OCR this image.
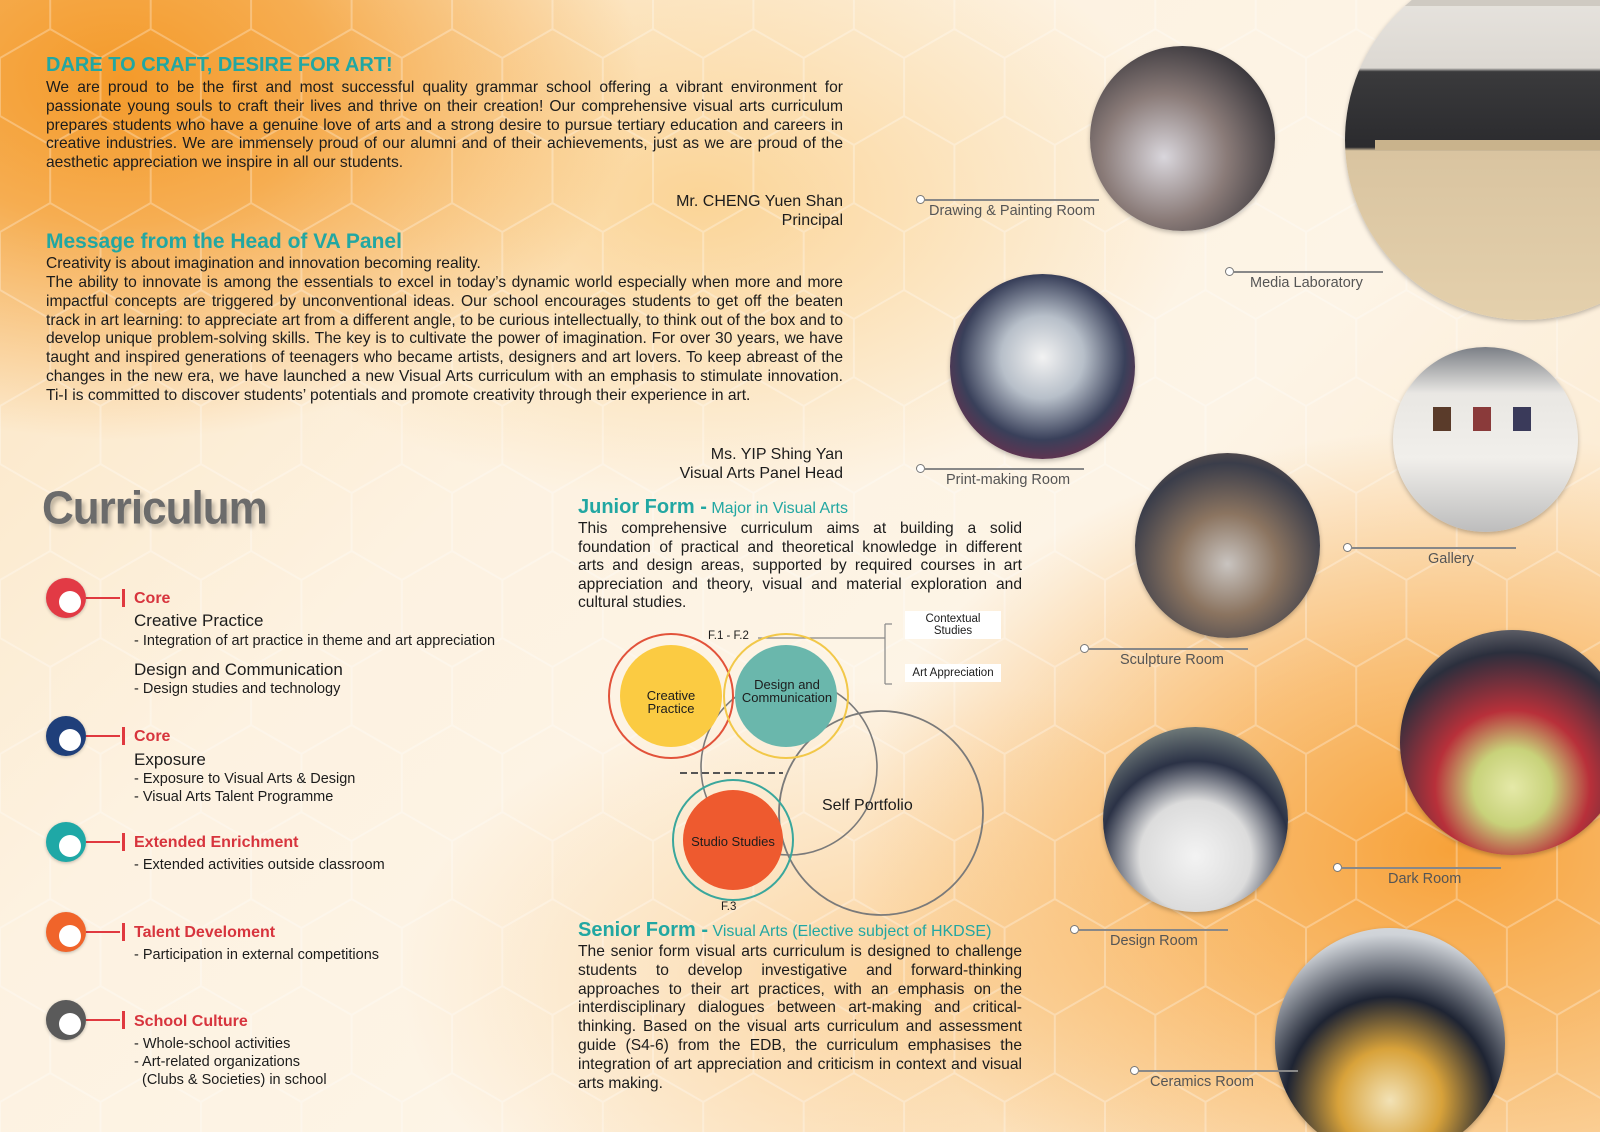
DARE TO CRAFT, DESIRE FOR ART!

We are proud to be the first and most successful quality grammar school offering a vibrant environment for passionate young souls to craft their lives and thrive on their creation! Our comprehensive visual arts curriculum prepares students who have a genuine love of arts and a strong desire to pursue tertiary education and careers in creative industries. We are immensely proud of our alumni and of their achievements, just as we are proud of the aesthetic appreciation we inspire in all our students.

Mr. CHENG Yuen Shan
Principal
Message from the Head of VA Panel
Creativity is about imagination and innovation becoming reality.

The ability to innovate is among the essentials to excel in today’s dynamic world especially when more and more impactful concepts are triggered by unconventional ideas. Our school encourages students to get off the beaten track in art learning: to appreciate art from a different angle, to be curious intellectually, to think out of the box and to develop unique problem-solving skills. The key is to cultivate the power of imagination. For over 30 years, we have taught and inspired generations of teenagers who became artists, designers and art lovers. To keep abreast of the changes in the new era, we have launched a new Visual Arts curriculum with an emphasis to stimulate innovation. Ti-I is committed to discover students’ potentials and promote creativity through their experience in art.

Ms. YIP Shing Yan
Visual Arts Panel Head
Curriculum
Core
Creative Practice
- Integration of art practice in theme and art appreciation
Design and Communication
- Design studies and technology
Core
Exposure
- Exposure to Visual Arts & Design
- Visual Arts Talent Programme
Extended Enrichment
- Extended activities outside classroom
Talent Develoment
- Participation in external competitions
School Culture
- Whole-school activities
- Art-related organizations
(Clubs & Societies) in school
Junior Form - Major in Visual Arts

This comprehensive curriculum aims at building a solid foundation of practical and theoretical knowledge in different arts and design areas, supported by required courses in art appreciation and theory, visual and material exploration and cultural studies.

F.1 - F.2
Contextual Studies
Art Appreciation
Creative Practice
Design and Communication
Studio Studies
Self Portfolio
F.3
Senior Form - Visual Arts (Elective subject of HKDSE)

The senior form visual arts curriculum is designed to challenge students to develop investigative and forward-thinking approaches to their art practices, with an emphasis on the interdisciplinary dialogues between art-making and critical-thinking. Based on the visual arts curriculum and assessment guide (S4-6) from the EDB, the curriculum emphasises the integration of art appreciation and criticism in context and visual arts making.

Drawing & Painting Room
Media Laboratory
Print-making Room
Gallery
Sculpture Room
Dark Room
Design Room
Ceramics Room
